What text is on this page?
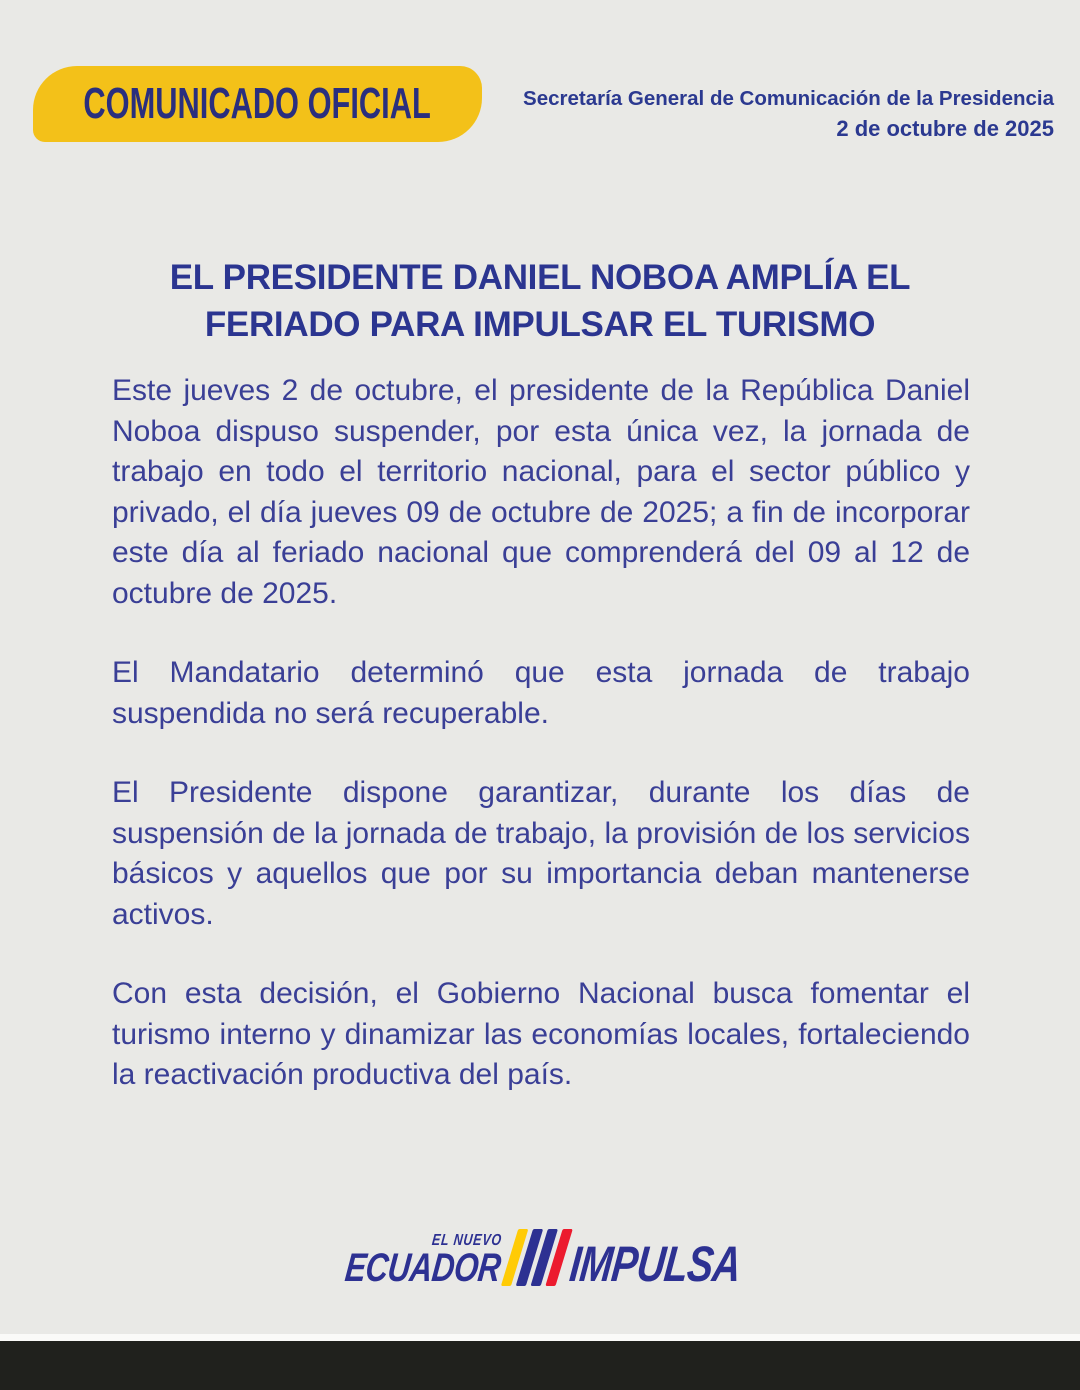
COMUNICADO OFICIAL	Secretaría General de Comunicación de la Presidencia
2 de octubre de 2025
EL PRESIDENTE DANIEL NOBOA AMPLÍA EL
FERIADO PARA IMPULSAR EL TURISMO

Este jueves 2 de octubre, el presidente de la República Daniel Noboa dispuso suspender, por esta única vez, la jornada de trabajo en todo el territorio nacional, para el sector público y privado, el día jueves 09 de octubre de 2025; a fin de incorporar este día al feriado nacional que comprenderá del 09 al 12 de octubre de 2025.

El Mandatario determinó que esta jornada de trabajo suspendida no será recuperable.

El Presidente dispone garantizar, durante los días de suspensión de la jornada de trabajo, la provisión de los servicios básicos y aquellos que por su importancia deban mantenerse activos.

Con esta decisión, el Gobierno Nacional busca fomentar el turismo interno y dinamizar las economías locales, fortaleciendo la reactivación productiva del país.

EL NUEVO
ECUADOR IMPULSA
